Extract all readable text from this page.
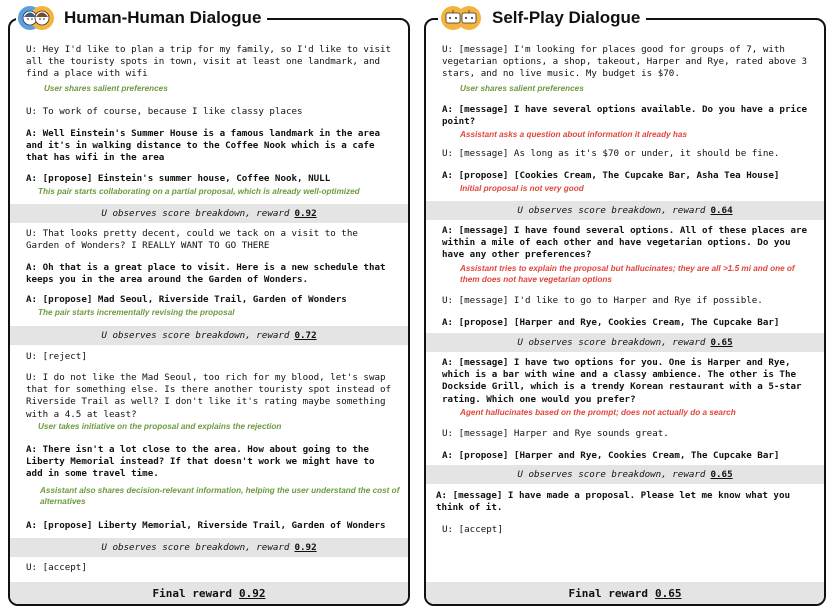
U: Hey I'd like to plan a trip for my family, so I'd like to visit all the touristy spots in town, visit at least one landmark, and find a place with wifi
User shares salient preferences
U: To work of course, because I like classy places
A: Well Einstein's Summer House is a famous landmark in the area and it's in walking distance to the Coffee Nook which is a cafe that has wifi in the area
A: [propose] Einstein's summer house, Coffee Nook, NULL
This pair starts collaborating on a partial proposal, which is already well-optimized
U observes score breakdown, reward 0.92
U: That looks pretty decent, could we tack on a visit to the Garden of Wonders? I REALLY WANT TO GO THERE
A: Oh that is a great place to visit. Here is a new schedule that keeps you in the area around the Garden of Wonders.
A: [propose] Mad Seoul, Riverside Trail, Garden of Wonders
The pair starts incrementally revising the proposal
U observes score breakdown, reward 0.72
U: [reject]
U: I do not like the Mad Seoul, too rich for my blood, let's swap that for something else. Is there another touristy spot instead of Riverside Trail as well? I don't like it's rating maybe something with a 4.5 at least?
User takes initiative on the proposal and explains the rejection
A: There isn't a lot close to the area. How about going to the Liberty Memorial instead? If that doesn't work we might have to add in some travel time.
Assistant also shares decision-relevant information, helping the user understand the cost of alternatives
A: [propose] Liberty Memorial, Riverside Trail, Garden of Wonders
U observes score breakdown, reward 0.92
U: [accept]
Final reward 0.92
Human-Human Dialogue
U: [message] I'm looking for places good for groups of 7, with vegetarian options, a shop, takeout, Harper and Rye, rated above 3 stars, and no live music. My budget is $70.
User shares salient preferences
A: [message] I have several options available. Do you have a price point?
Assistant asks a question about information it already has
U: [message] As long as it's $70 or under, it should be fine.
A: [propose] [Cookies Cream, The Cupcake Bar, Asha Tea House]
Initial proposal is not very good
U observes score breakdown, reward 0.64
A: [message] I have found several options. All of these places are within a mile of each other and have vegetarian options. Do you have any other preferences?
Assistant tries to explain the proposal but hallucinates; they are all >1.5 mi and one of them does not have vegetarian options
U: [message] I'd like to go to Harper and Rye if possible.
A: [propose] [Harper and Rye, Cookies Cream, The Cupcake Bar]
U observes score breakdown, reward 0.65
A: [message] I have two options for you. One is Harper and Rye, which is a bar with wine and a classy ambience. The other is The Dockside Grill, which is a trendy Korean restaurant with a 5-star rating. Which one would you prefer?
Agent hallucinates based on the prompt; does not actually do a search
U: [message] Harper and Rye sounds great.
A: [propose] [Harper and Rye, Cookies Cream, The Cupcake Bar]
U observes score breakdown, reward 0.65
A: [message] I have made a proposal. Please let me know what you think of it.
U: [accept]
Final reward 0.65
Self-Play Dialogue
